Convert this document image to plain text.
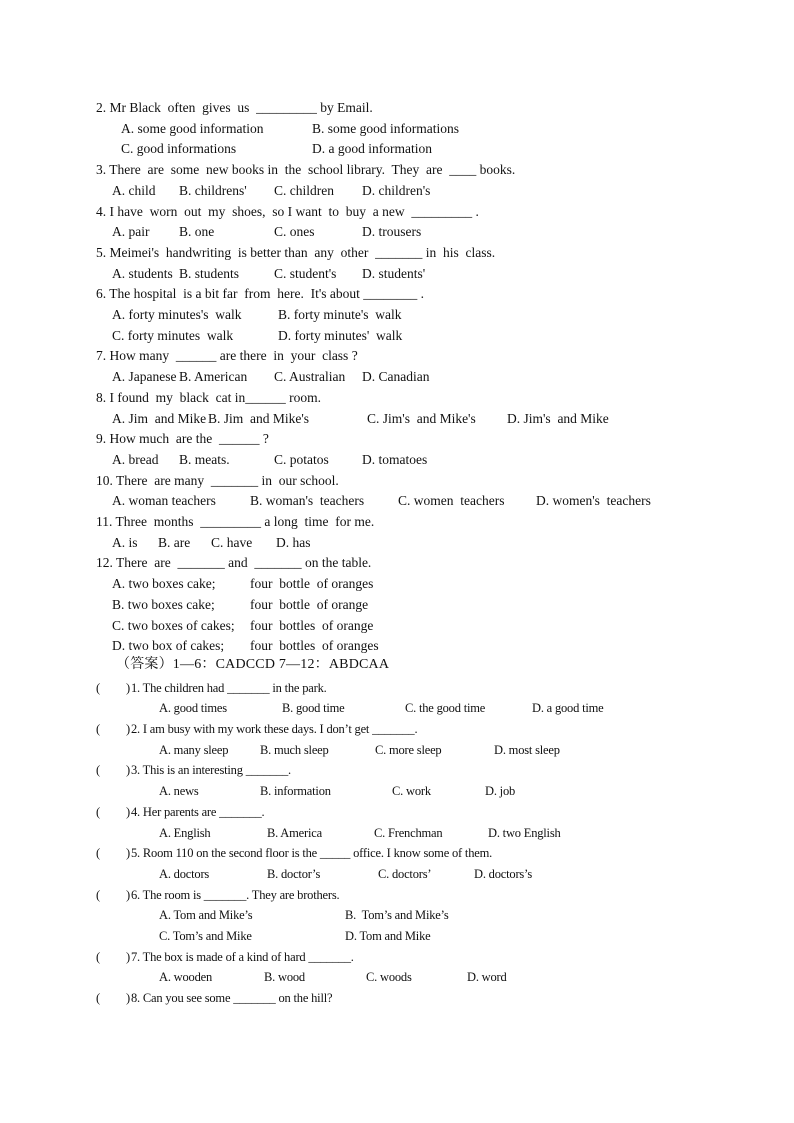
2. Mr Black  often  gives  us  _________ by Email.
A. some good information	B. some good informations
C. good informations	D. a good information
3. There  are  some  new books in  the  school library.  They  are  ____ books.
A. child B. childrens' C. children D. children's
4. I have  worn  out  my  shoes,  so I want  to  buy  a new  _________ .
A. pair B. one	C. ones	D. trousers
5. Meimei's  handwriting  is better than  any  other  _______ in  his  class.
A. students B. students	C. student's D. students'
6. The hospital  is a bit far  from  here.  It's about ________ .
A. forty minutes's  walk	B. forty minute's  walk
C. forty minutes  walk	D. forty minutes'  walk
7. How many  ______ are there  in  your  class ?
A. Japanese B. American C. Australian D. Canadian
8. I found  my  black  cat in______ room.
A. Jim  and Mike B. Jim  and Mike's	C. Jim's  and Mike's D. Jim's  and Mike
9. How much  are the  ______ ?
A. bread B. meats.	C. potatos D. tomatoes
10. There  are many  _______ in  our school.
A. woman teachers	B. woman's  teachers	C. women  teachers D. women's  teachers
11. Three  months  _________ a long  time  for me.
A. is B. are C. have D. has
12. There  are  _______ and  _______ on the table.
A. two boxes cake;	four  bottle  of oranges
B. two boxes cake;	four  bottle  of orange
C. two boxes of cakes; four  bottles  of orange
D. two box of cakes; four  bottles  of oranges
（答案）1—6：CADCCD 7—12：ABDCAA
( ) 1. The children had _______ in the park.
A. good times	B. good time	C. the good time	D. a good time
( ) 2. I am busy with my work these days. I don’t get _______.
A. many sleep	B. much sleep	C. more sleep	D. most sleep
( ) 3. This is an interesting _______.
A. news	B. information	C. work	D. job
( ) 4. Her parents are _______.
A. English	B. America	C. Frenchman	D. two English
( ) 5. Room 110 on the second floor is the _____ office. I know some of them.
A. doctors	B. doctor’s	C. doctors’	D. doctors’s
( ) 6. The room is _______. They are brothers.
A. Tom and Mike’s	B.  Tom’s and Mike’s
C. Tom’s and Mike	D. Tom and Mike
( ) 7. The box is made of a kind of hard _______.
A. wooden	B. wood	C. woods	D. word
( ) 8. Can you see some _______ on the hill?
